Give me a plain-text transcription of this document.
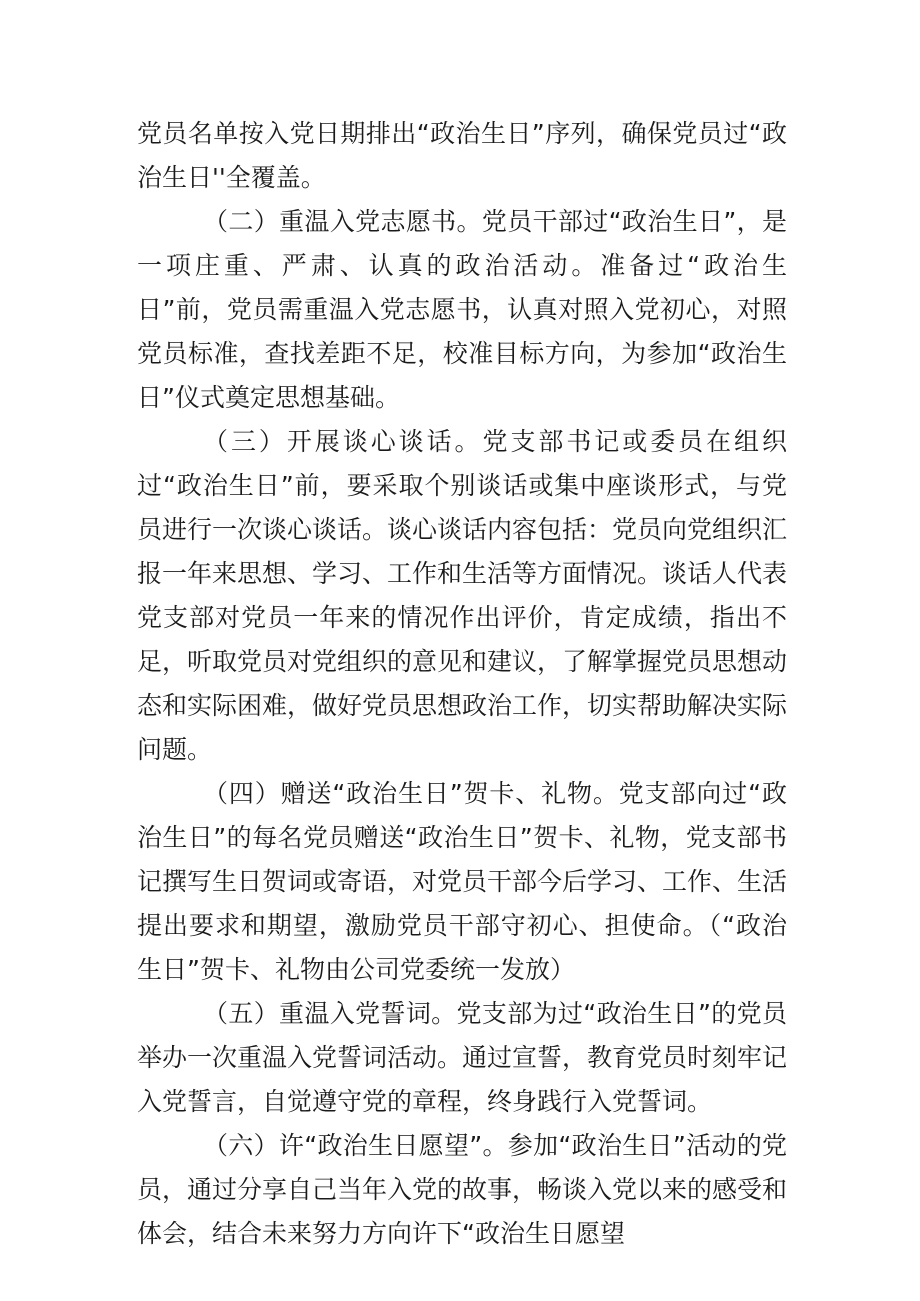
党员名单按入党日期排出“政治生日”序列，确保党员过“政治生日''全覆盖。

（二）重温入党志愿书。党员干部过“政治生日”，是一项庄重、严肃、认真的政治活动。准备过“政治生日”前，党员需重温入党志愿书，认真对照入党初心，对照党员标准，查找差距不足，校准目标方向，为参加“政治生日”仪式奠定思想基础。

（三）开展谈心谈话。党支部书记或委员在组织过“政治生日”前，要采取个别谈话或集中座谈形式，与党员进行一次谈心谈话。谈心谈话内容包括：党员向党组织汇报一年来思想、学习、工作和生活等方面情况。谈话人代表党支部对党员一年来的情况作出评价，肯定成绩，指出不足，听取党员对党组织的意见和建议，了解掌握党员思想动态和实际困难，做好党员思想政治工作，切实帮助解决实际问题。

（四）赠送“政治生日”贺卡、礼物。党支部向过“政治生日”的每名党员赠送“政治生日”贺卡、礼物，党支部书记撰写生日贺词或寄语，对党员干部今后学习、工作、生活提出要求和期望，激励党员干部守初心、担使命。（“政治生日”贺卡、礼物由公司党委统一发放）

（五）重温入党誓词。党支部为过“政治生日”的党员举办一次重温入党誓词活动。通过宣誓，教育党员时刻牢记入党誓言，自觉遵守党的章程，终身践行入党誓词。

（六）许“政治生日愿望”。参加“政治生日”活动的党员，通过分享自己当年入党的故事，畅谈入党以来的感受和体会，结合未来努力方向许下“政治生日愿望
